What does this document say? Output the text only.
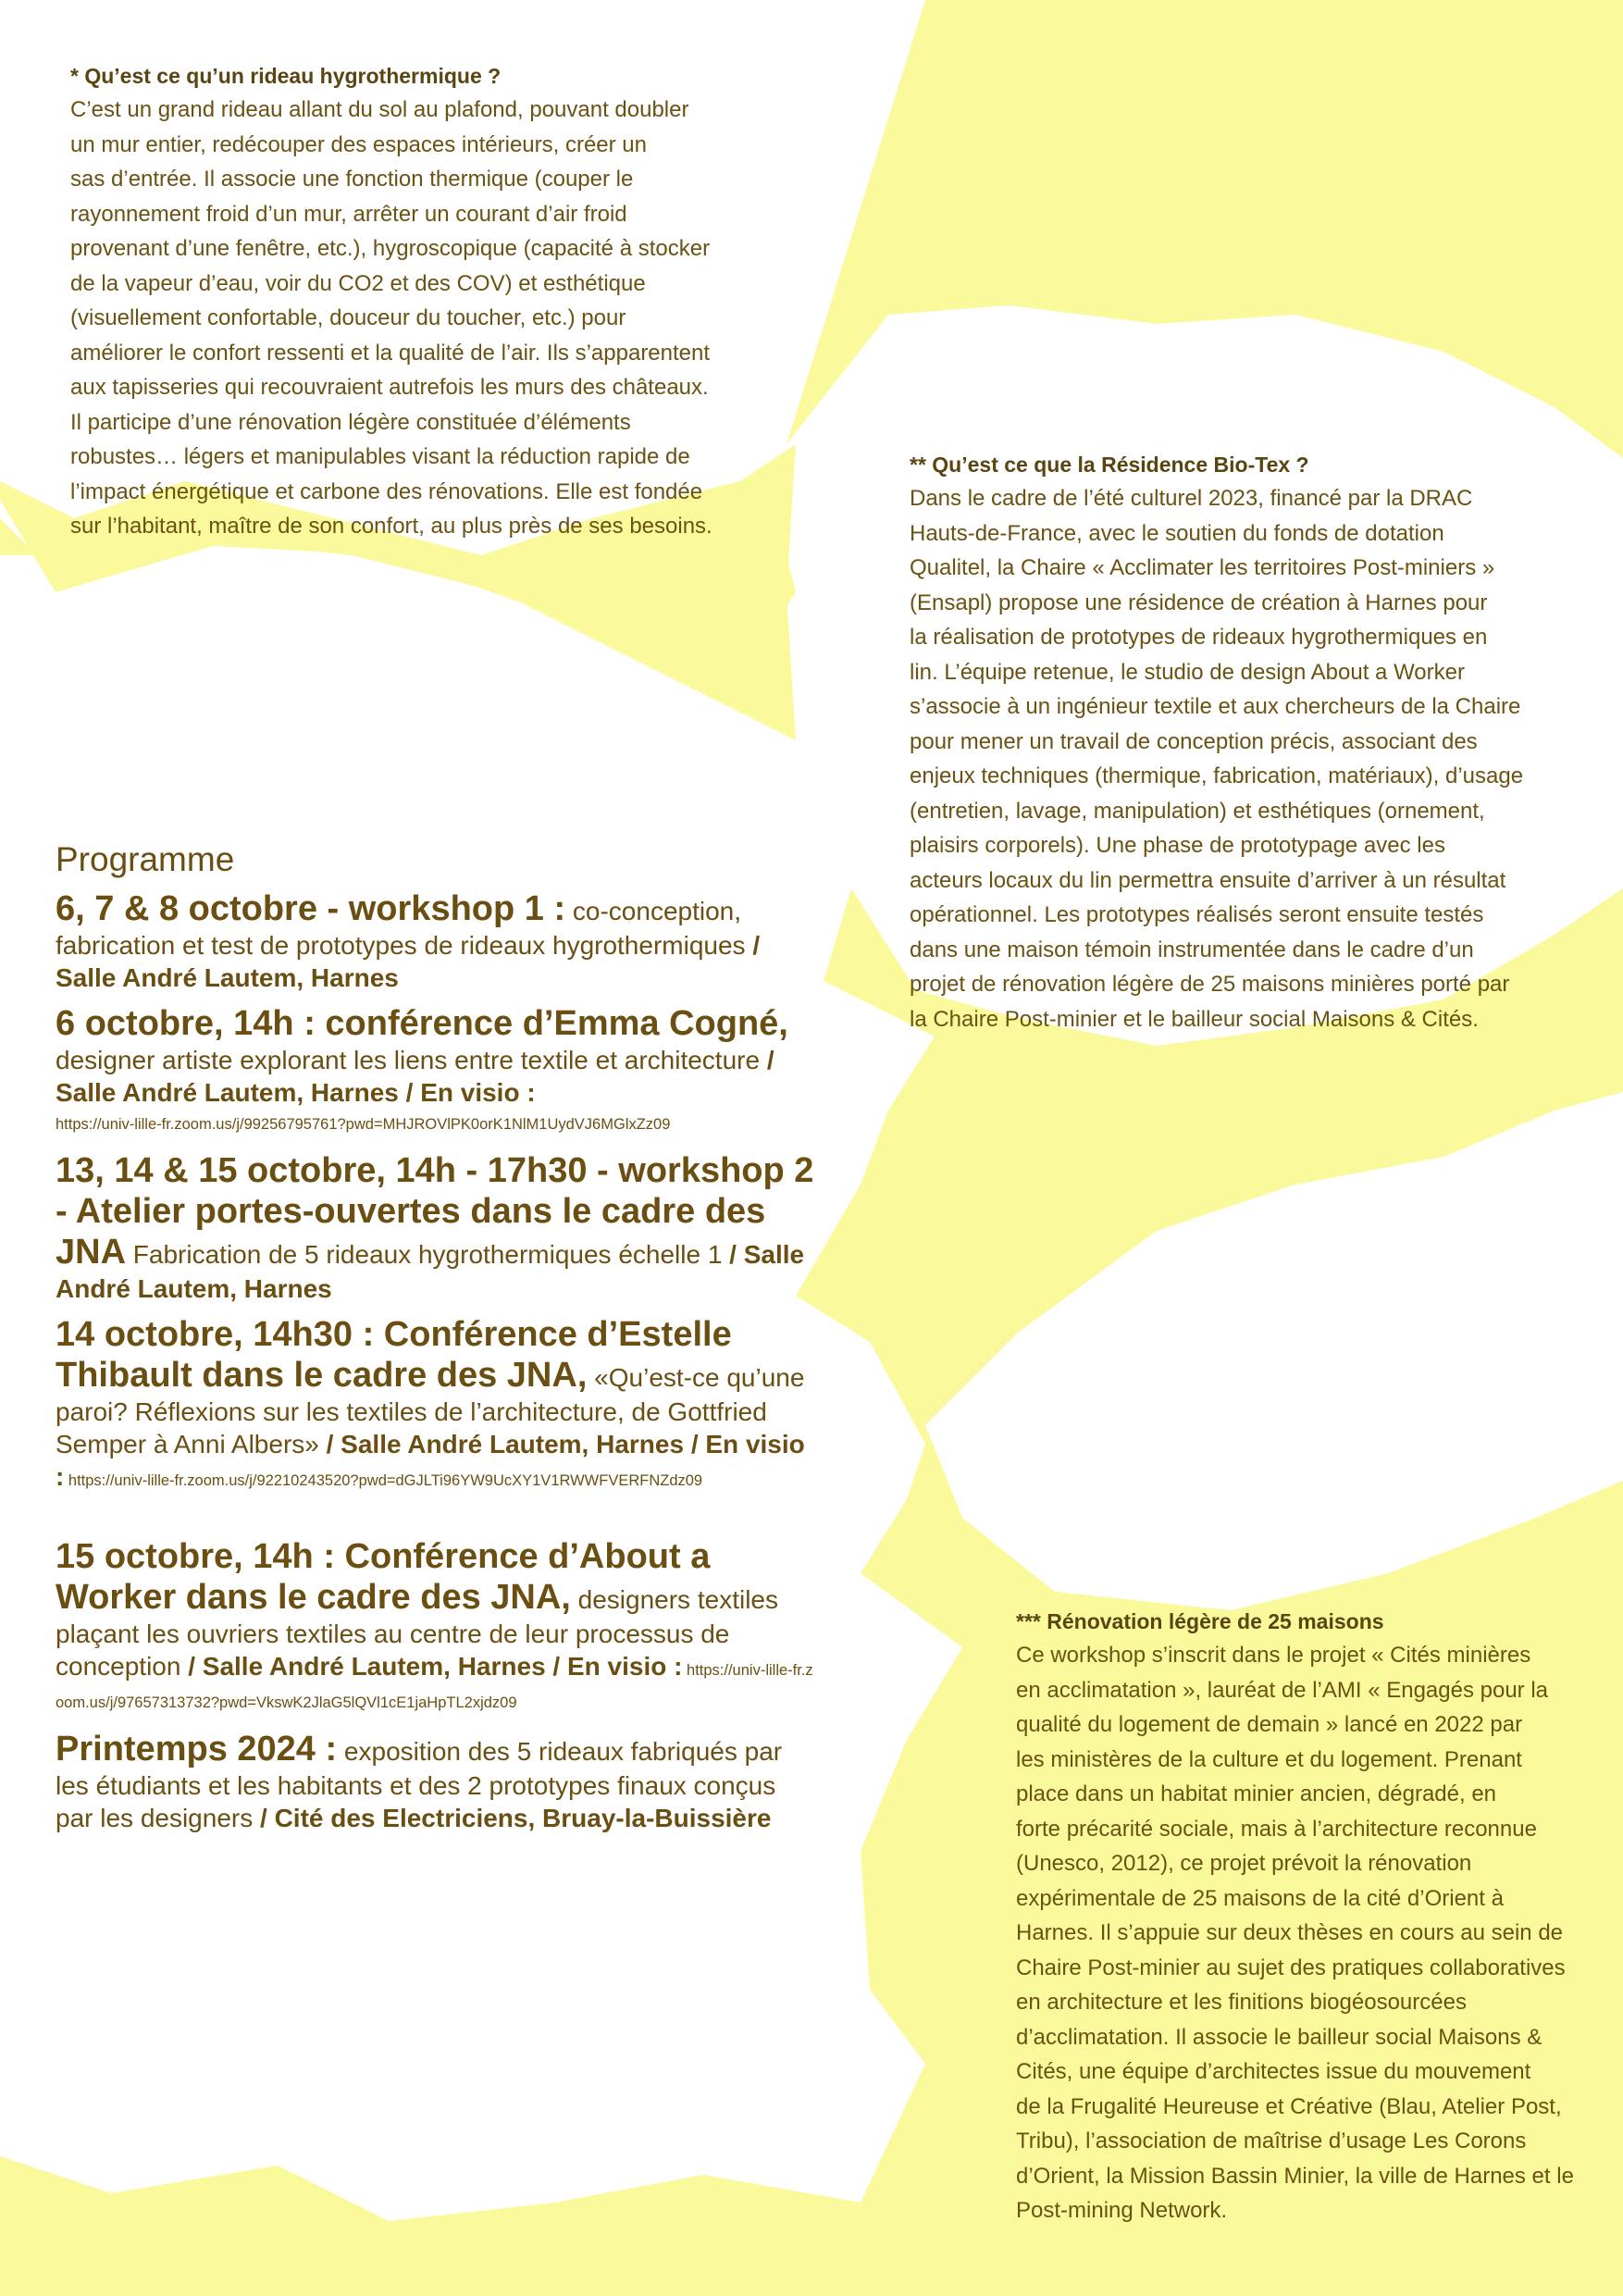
* Qu’est ce qu’un rideau hygrothermique ?
C’est un grand rideau allant du sol au plafond, pouvant doubler
un mur entier, redécouper des espaces intérieurs, créer un
sas d’entrée. Il associe une fonction thermique (couper le
rayonnement froid d’un mur, arrêter un courant d’air froid
provenant d’une fenêtre, etc.), hygroscopique (capacité à stocker
de la vapeur d’eau, voir du CO2 et des COV) et esthétique
(visuellement confortable, douceur du toucher, etc.) pour
améliorer le confort ressenti et la qualité de l’air. Ils s’apparentent
aux tapisseries qui recouvraient autrefois les murs des châteaux.
Il participe d’une rénovation légère constituée d’éléments
robustes… légers et manipulables visant la réduction rapide de
l’impact énergétique et carbone des rénovations. Elle est fondée
sur l’habitant, maître de son confort, au plus près de ses besoins.
** Qu’est ce que la Résidence Bio-Tex ?
Dans le cadre de l’été culturel 2023, financé par la DRAC
Hauts-de-France, avec le soutien du fonds de dotation
Qualitel, la Chaire « Acclimater les territoires Post-miniers »
(Ensapl) propose une résidence de création à Harnes pour
la réalisation de prototypes de rideaux hygrothermiques en
lin. L’équipe retenue, le studio de design About a Worker
s’associe à un ingénieur textile et aux chercheurs de la Chaire
pour mener un travail de conception précis, associant des
enjeux techniques (thermique, fabrication, matériaux), d’usage
(entretien, lavage, manipulation) et esthétiques (ornement,
plaisirs corporels). Une phase de prototypage avec les
acteurs locaux du lin permettra ensuite d’arriver à un résultat
opérationnel. Les prototypes réalisés seront ensuite testés
dans une maison témoin instrumentée dans le cadre d’un
projet de rénovation légère de 25 maisons minières porté par
la Chaire Post-minier et le bailleur social Maisons & Cités.
*** Rénovation légère de 25 maisons
Ce workshop s’inscrit dans le projet « Cités minières
en acclimatation », lauréat de l’AMI « Engagés pour la
qualité du logement de demain » lancé en 2022 par
les ministères de la culture et du logement. Prenant
place dans un habitat minier ancien, dégradé, en
forte précarité sociale, mais à l’architecture reconnue
(Unesco, 2012), ce projet prévoit la rénovation
expérimentale de 25 maisons de la cité d’Orient à
Harnes. Il s’appuie sur deux thèses en cours au sein de
Chaire Post-minier au sujet des pratiques collaboratives
en architecture et les finitions biogéosourcées
d’acclimatation. Il associe le bailleur social Maisons &
Cités, une équipe d’architectes issue du mouvement
de la Frugalité Heureuse et Créative (Blau, Atelier Post,
Tribu), l’association de maîtrise d’usage Les Corons
d’Orient, la Mission Bassin Minier, la ville de Harnes et le
Post-mining Network.
Programme
6, 7 & 8 octobre - workshop 1 : co-conception, fabrication et test de prototypes de rideaux hygrothermiques / Salle André Lautem, Harnes
6 octobre, 14h : conférence d’Emma Cogné, designer artiste explorant les liens entre textile et architecture / Salle André Lautem, Harnes / En visio :
https://univ-lille-fr.zoom.us/j/99256795761?pwd=MHJROVlPK0orK1NlM1UydVJ6MGlxZz09
13, 14 & 15 octobre, 14h - 17h30 - workshop 2 - Atelier portes-ouvertes dans le cadre des JNA Fabrication de 5 rideaux hygrothermiques échelle 1 / Salle André Lautem, Harnes
14 octobre, 14h30 : Conférence d’Estelle Thibault dans le cadre des JNA, «Qu’est-ce qu’une paroi? Réflexions sur les textiles de l’architecture, de Gottfried Semper à Anni Albers» / Salle André Lautem, Harnes / En visio : https://univ-lille-fr.zoom.us/j/92210243520?pwd=dGJLTi96YW9UcXY1V1RWWFVERFNZdz09
15 octobre, 14h : Conférence d’About a Worker dans le cadre des JNA, designers textiles plaçant les ouvriers textiles au centre de leur processus de conception / Salle André Lautem, Harnes / En visio : https://univ-lille-fr.zoom.us/j/97657313732?pwd=VkswK2JlaG5lQVl1cE1jaHpTL2xjdz09
Printemps 2024 : exposition des 5 rideaux fabriqués par les étudiants et les habitants et des 2 prototypes finaux conçus par les designers / Cité des Electriciens, Bruay-la-Buissière
